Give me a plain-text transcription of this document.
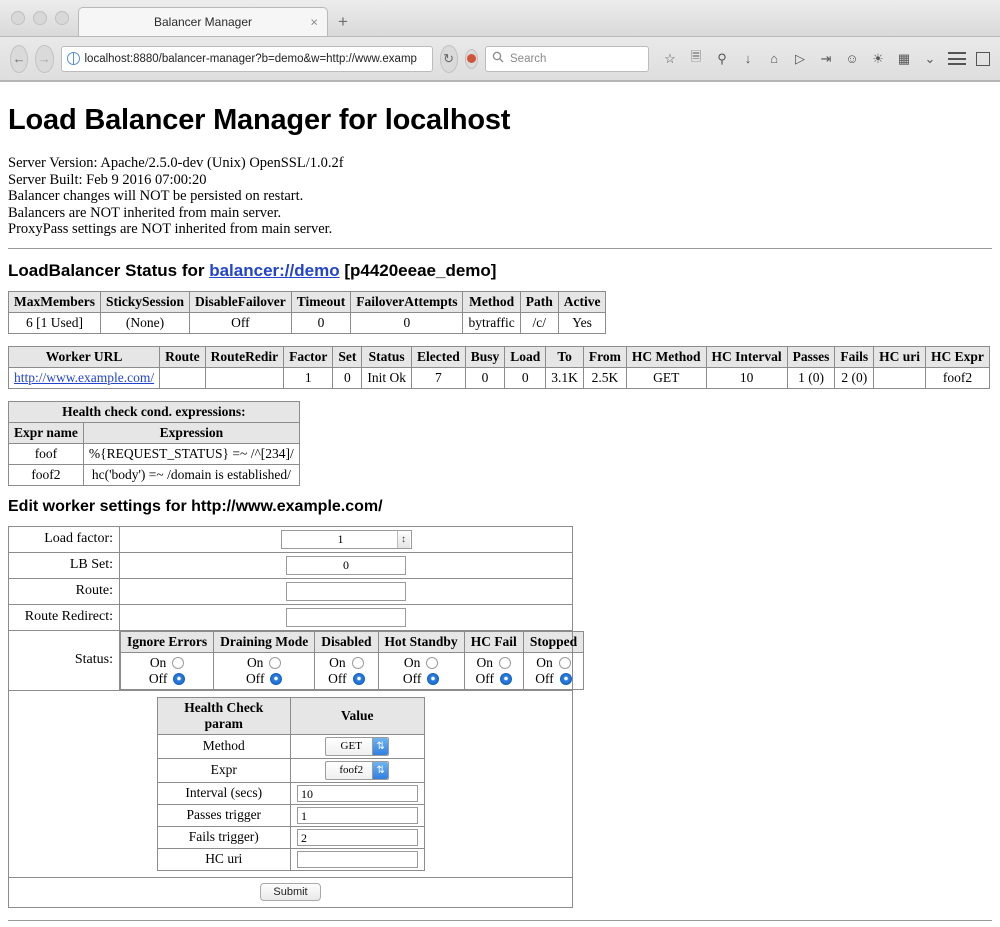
Balancer Manager	× +
← →	localhost:8880/balancer-manager?b=demo&w=http://www.examp ↻	Search	☆ 🗏 ⚲	↓	⌂	▷ ⇥ ☺ ☀ ▦ ⌄
Load Balancer Manager for localhost
Server Version: Apache/2.5.0-dev (Unix) OpenSSL/1.0.2f
Server Built: Feb 9 2016 07:00:20
Balancer changes will NOT be persisted on restart.
Balancers are NOT inherited from main server.
ProxyPass settings are NOT inherited from main server.
LoadBalancer Status for balancer://demo [p4420eeae_demo]
MaxMembers	StickySession	DisableFailover	Timeout	FailoverAttempts	Method	Path	Active
6 [1 Used]	(None)	Off	0	0	bytraffic	/c/	Yes
Worker URL	Route	RouteRedir	Factor	Set	Status	Elected	Busy	Load	To	From	HC Method	HC Interval	Passes	Fails	HC uri	HC Expr
http://www.example.com/			1	0	Init Ok	7	0	0	3.1K	2.5K	GET	10	1 (0)	2 (0)		foof2
Health check cond. expressions:	
Expr name	Expression
foof	%{REQUEST_STATUS} =~ /^[234]/
foof2	hc('body') =~ /domain is established/
Edit worker settings for http://www.example.com/
Load factor:	1 ↕
LB Set:	0
Route:	
Route Redirect:	
Status:	
Ignore Errors	Draining Mode	Disabled	Hot Standby	HC Fail	Stopped

On
Off

On
Off

On
Off

On
Off

On
Off

On
Off

Health Check param	Value
Method	GET ⇅

Expr	foof2 ⇅

Interval (secs)	10

Passes trigger	1

Fails trigger)	2

HC uri	

Submit
